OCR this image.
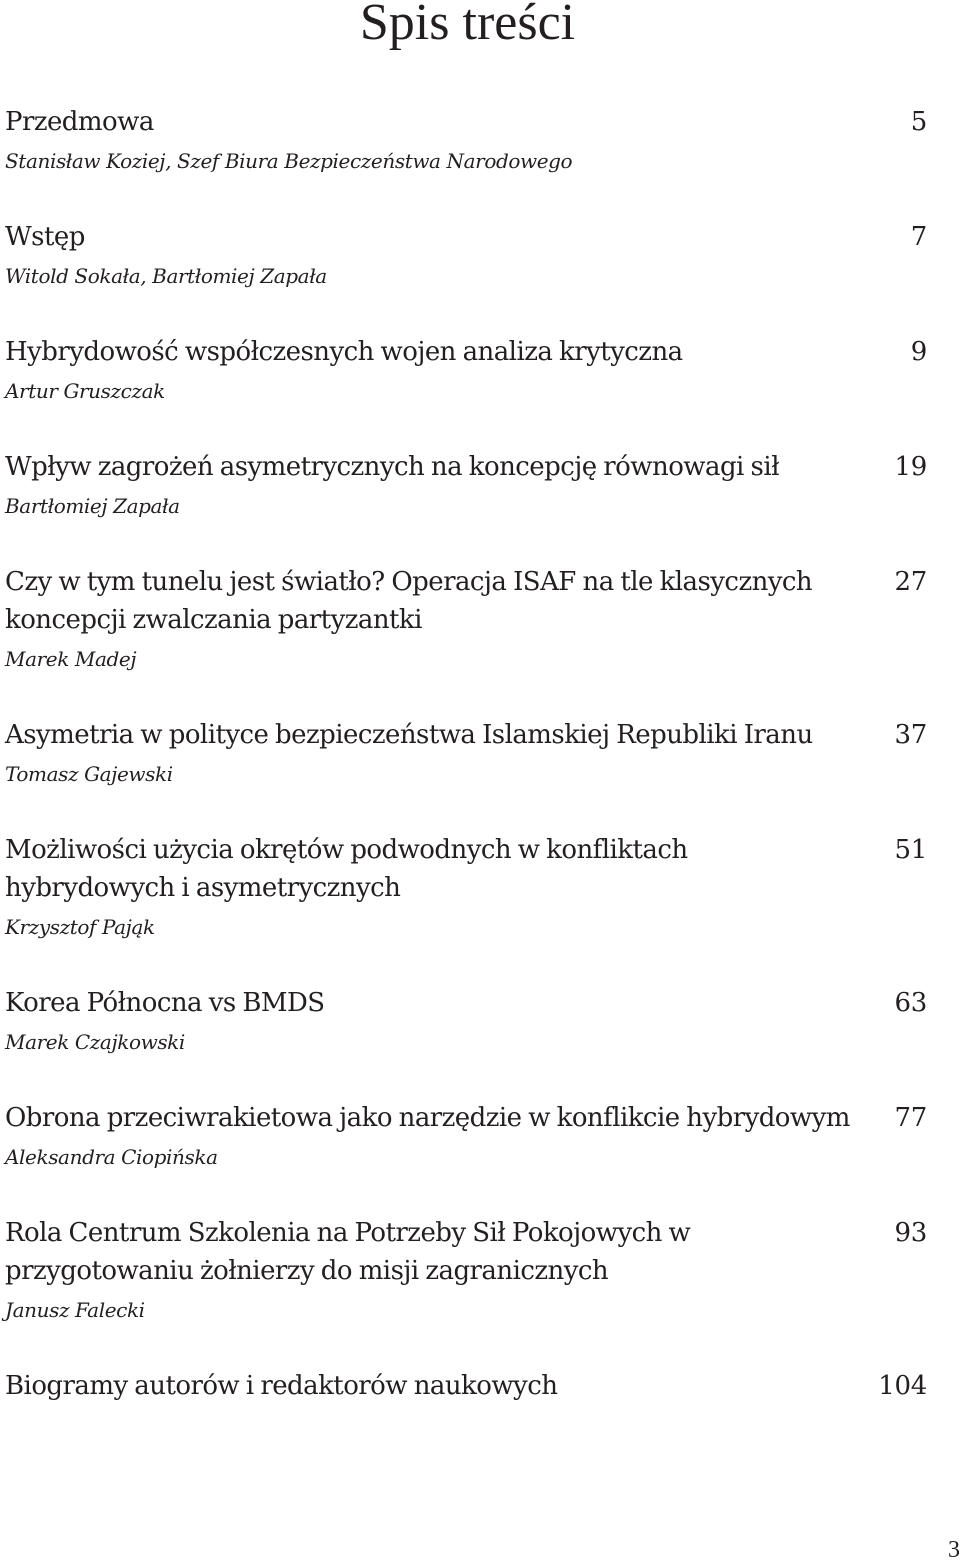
Spis treści
Przedmowa
Stanisław Koziej, Szef Biura Bezpieczeństwa Narodowego
5
Wstęp
Witold Sokała, Bartłomiej Zapała
7
Hybrydowość współczesnych wojen analiza krytyczna
Artur Gruszczak
9
Wpływ zagrożeń asymetrycznych na koncepcję równowagi sił
Bartłomiej Zapała
19
Czy w tym tunelu jest światło? Operacja ISAF na tle klasycznych koncepcji zwalczania partyzantki
Marek Madej
27
Asymetria w polityce bezpieczeństwa Islamskiej Republiki Iranu
Tomasz Gajewski
37
Możliwości użycia okrętów podwodnych w konfliktach hybrydowych i asymetrycznych
Krzysztof Pająk
51
Korea Północna vs BMDS
Marek Czajkowski
63
Obrona przeciwrakietowa jako narzędzie w konflikcie hybrydowym
Aleksandra Ciopińska
77
Rola Centrum Szkolenia na Potrzeby Sił Pokojowych w przygotowaniu żołnierzy do misji zagranicznych
Janusz Falecki
93
Biogramy autorów i redaktorów naukowych	104
3
